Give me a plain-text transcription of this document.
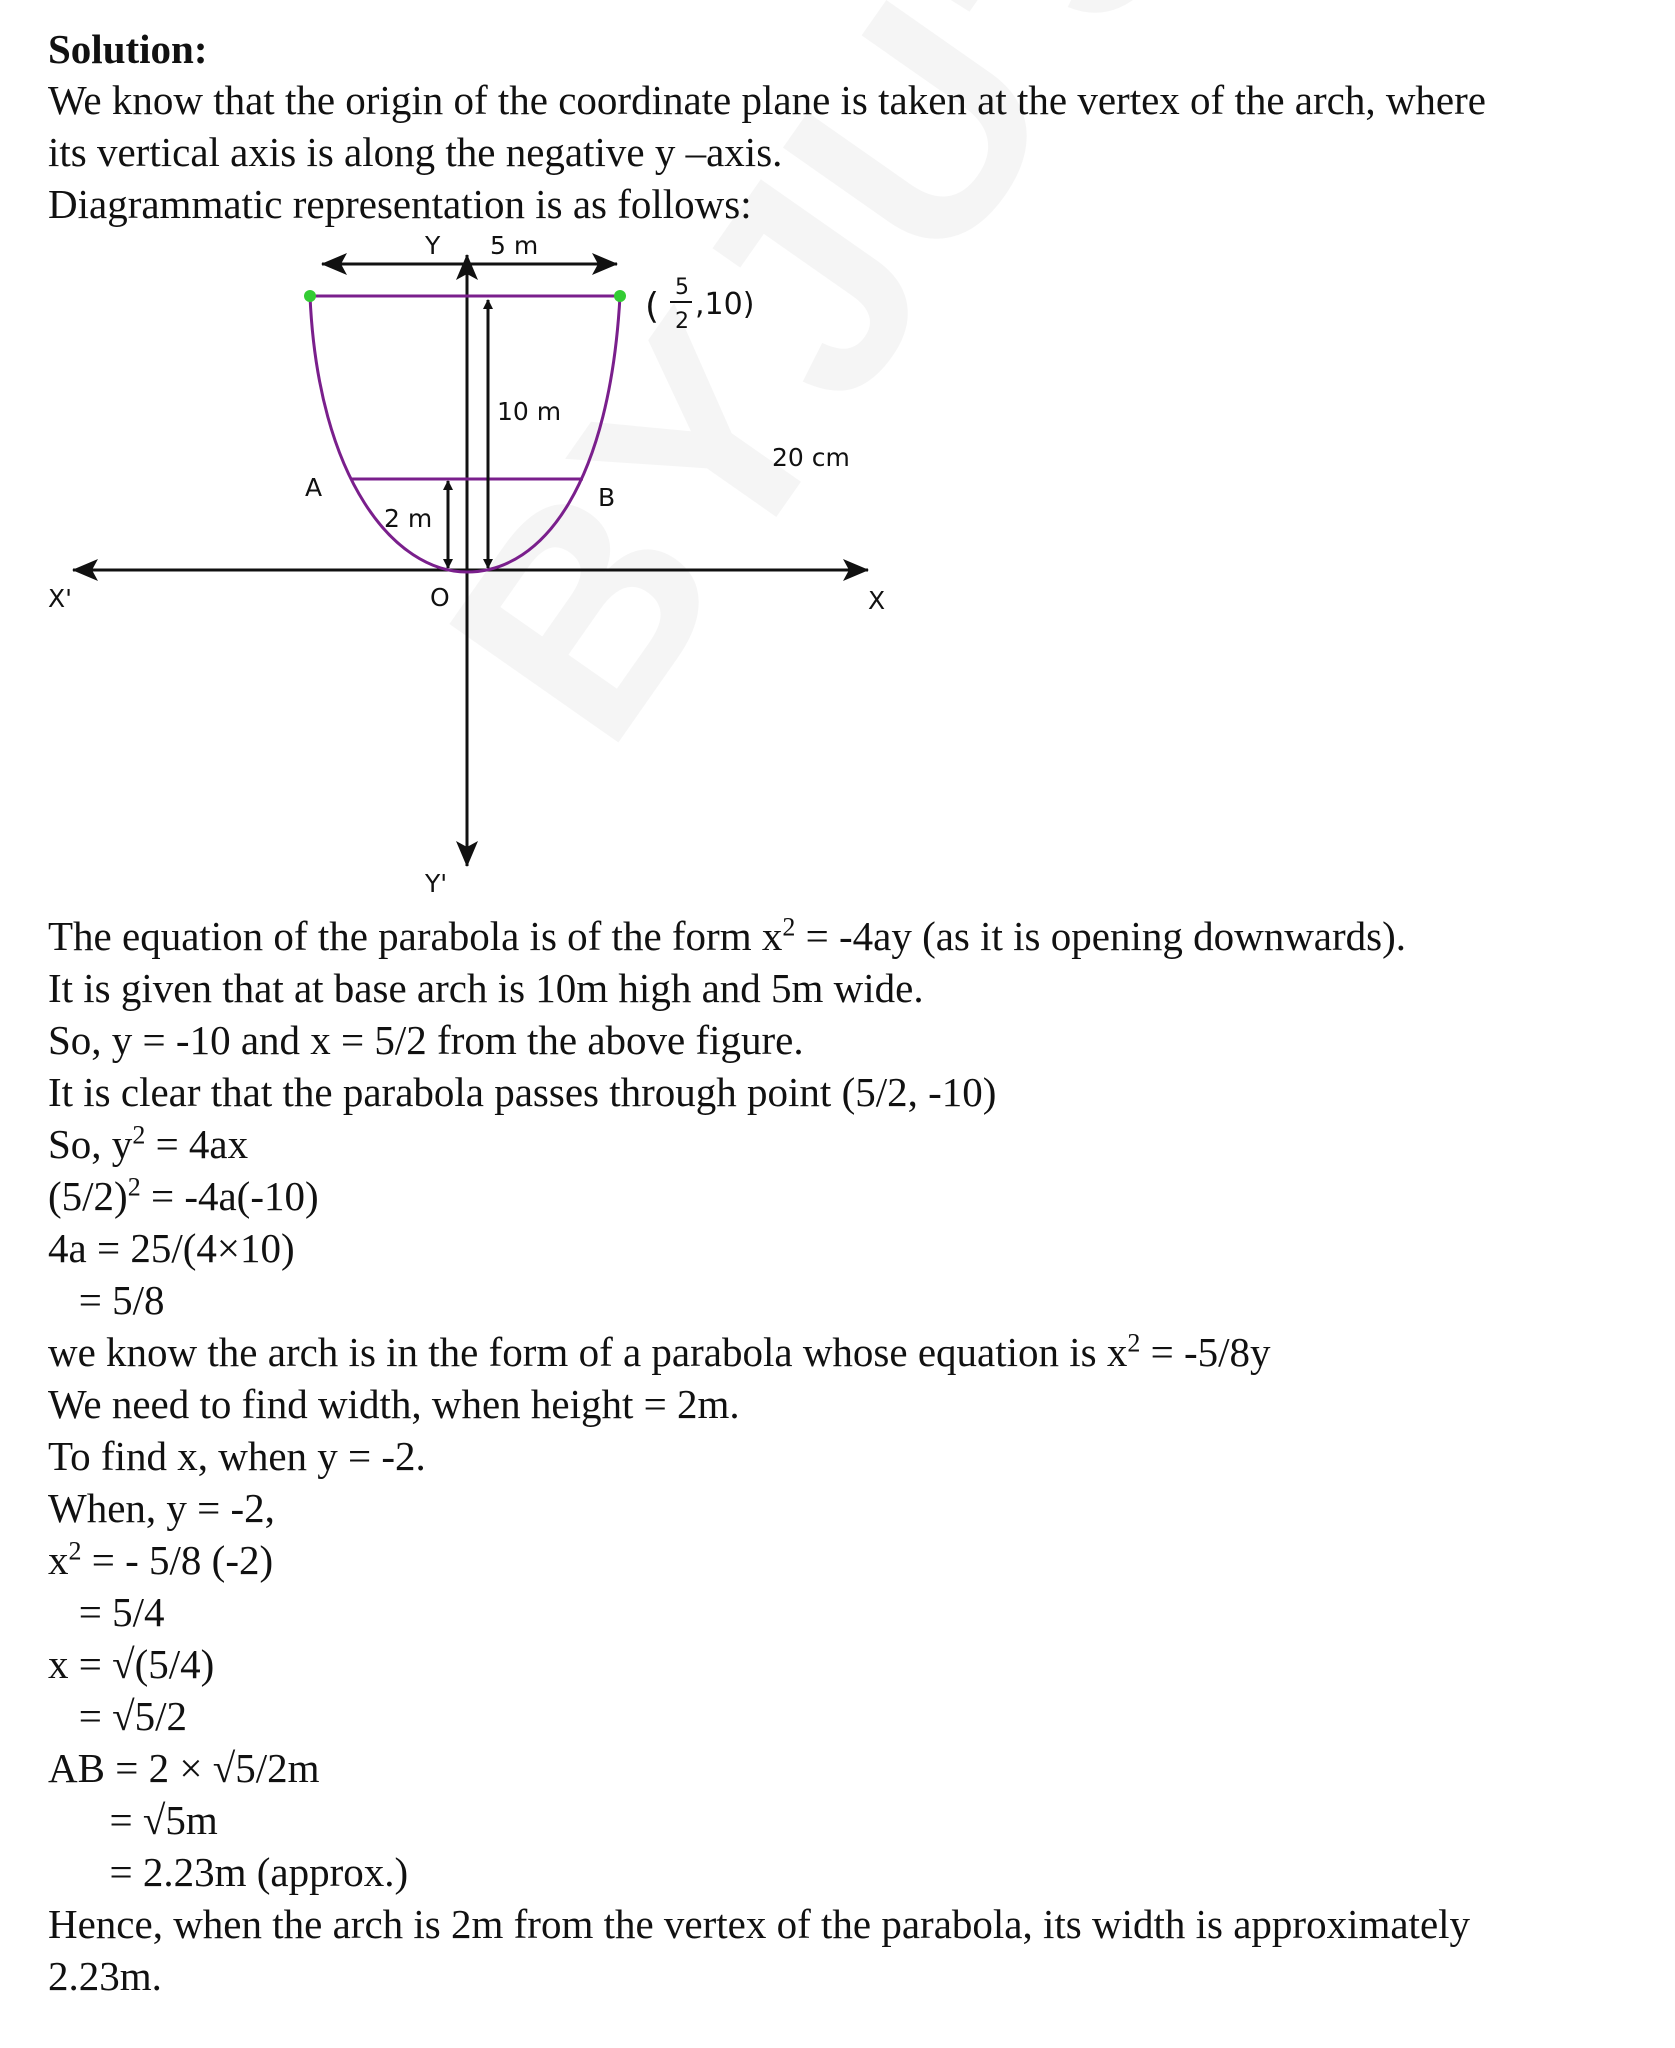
Solution:
We know that the origin of the coordinate plane is taken at the vertex of the arch, where
its vertical axis is along the negative y –axis.
Diagrammatic representation is as follows:
Y 5 m
10 m
20 cm
A	B
2 m
X'	O	X
Y'
( 5
2 ,10)
The equation of the parabola is of the form $x^2 = -4ay$ (as it is opening downwards).
It is given that at base arch is 10m high and 5m wide.
So, y = -10 and x = 5/2 from the above figure.
It is clear that the parabola passes through point (5/2, -10)
So, $y^2 = 4ax$
$(5/2)^2 = -4a(-10)$
4a = 25/(4×10)
= 5/8
we know the arch is in the form of a parabola whose equation is $x^2 = -5/8y$
We need to find width, when height = 2m.
To find x, when y = -2.
When, y = -2,
$x^2$ = - 5/8 (-2)
= 5/4
x = √(5/4)
= √5/2
AB = 2 × √5/2m
= √5m
= 2.23m (approx.)
Hence, when the arch is 2m from the vertex of the parabola, its width is approximately
2.23m.
